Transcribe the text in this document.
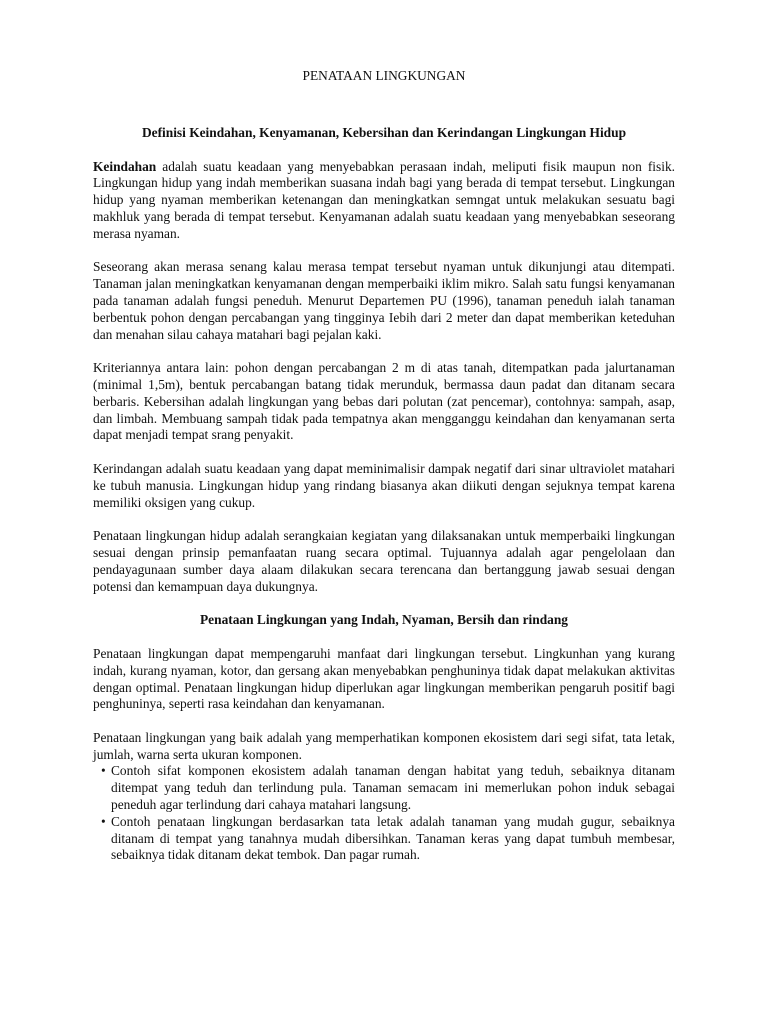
PENATAAN LINGKUNGAN
Definisi Keindahan, Kenyamanan, Kebersihan dan Kerindangan Lingkungan Hidup

Keindahan adalah suatu keadaan yang menyebabkan perasaan indah, meliputi fisik maupun non fisik. Lingkungan hidup yang indah memberikan suasana indah bagi yang berada di tempat tersebut. Lingkungan hidup yang nyaman memberikan ketenangan dan meningkatkan semngat untuk melakukan sesuatu bagi makhluk yang berada di tempat tersebut. Kenyamanan adalah suatu keadaan yang menyebabkan seseorang merasa nyaman.

Seseorang akan merasa senang kalau merasa tempat tersebut nyaman untuk dikunjungi atau ditempati. Tanaman jalan meningkatkan kenyamanan dengan memperbaiki iklim mikro. Salah satu fungsi kenyamanan pada tanaman adalah fungsi peneduh. Menurut Departemen PU (1996), tanaman peneduh ialah tanaman berbentuk pohon dengan percabangan yang tingginya Iebih dari 2 meter dan dapat memberikan keteduhan dan menahan silau cahaya matahari bagi pejalan kaki.

Kriteriannya antara lain: pohon dengan percabangan 2 m di atas tanah, ditempatkan pada jalurtanaman (minimal 1,5m), bentuk percabangan batang tidak merunduk, bermassa daun padat dan ditanam secara berbaris. Kebersihan adalah lingkungan yang bebas dari polutan (zat pencemar), contohnya: sampah, asap, dan limbah. Membuang sampah tidak pada tempatnya akan mengganggu keindahan dan kenyamanan serta dapat menjadi tempat srang penyakit.

Kerindangan adalah suatu keadaan yang dapat meminimalisir dampak negatif dari sinar ultraviolet matahari ke tubuh manusia. Lingkungan hidup yang rindang biasanya akan diikuti dengan sejuknya tempat karena memiliki oksigen yang cukup.

Penataan lingkungan hidup adalah serangkaian kegiatan yang dilaksanakan untuk memperbaiki lingkungan sesuai dengan prinsip pemanfaatan ruang secara optimal. Tujuannya adalah agar pengelolaan dan pendayagunaan sumber daya alaam dilakukan secara terencana dan bertanggung jawab sesuai dengan potensi dan kemampuan daya dukungnya.

Penataan Lingkungan yang Indah, Nyaman, Bersih dan rindang

Penataan lingkungan dapat mempengaruhi manfaat dari lingkungan tersebut. Lingkunhan yang kurang indah, kurang nyaman, kotor, dan gersang akan menyebabkan penghuninya tidak dapat melakukan aktivitas dengan optimal. Penataan lingkungan hidup diperlukan agar lingkungan memberikan pengaruh positif bagi penghuninya, seperti rasa keindahan dan kenyamanan.

Penataan lingkungan yang baik adalah yang memperhatikan komponen ekosistem dari segi sifat, tata letak, jumlah, warna serta ukuran komponen.

• Contoh sifat komponen ekosistem adalah tanaman dengan habitat yang teduh, sebaiknya ditanam ditempat yang teduh dan terlindung pula. Tanaman semacam ini memerlukan pohon induk sebagai peneduh agar terlindung dari cahaya matahari langsung.
• Contoh penataan lingkungan berdasarkan tata letak adalah tanaman yang mudah gugur, sebaiknya ditanam di tempat yang tanahnya mudah dibersihkan. Tanaman keras yang dapat tumbuh membesar, sebaiknya tidak ditanam dekat tembok. Dan pagar rumah.
